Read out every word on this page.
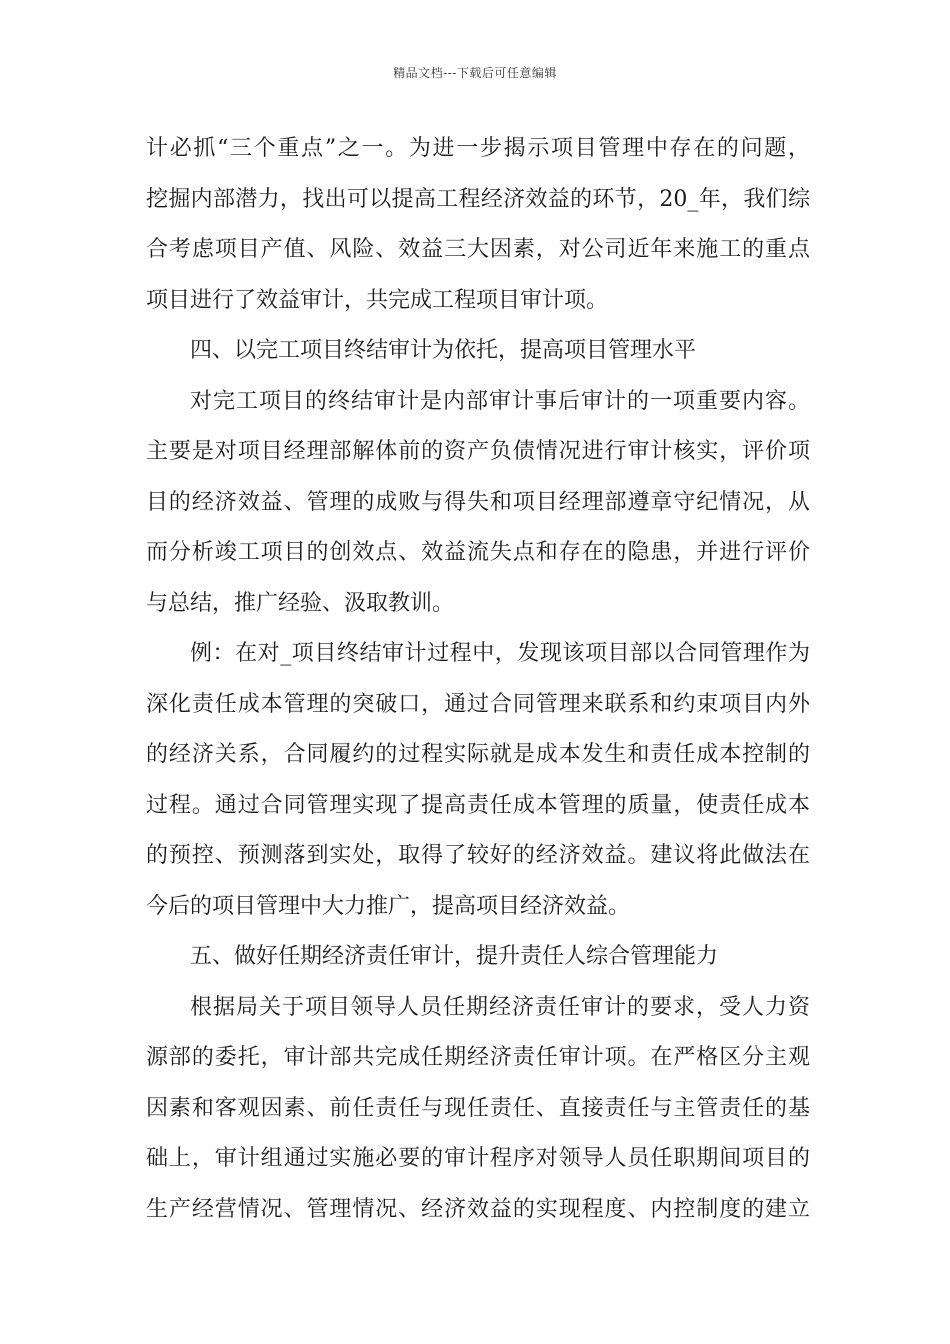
精品文档---下载后可任意编辑
计必抓“三个重点”之一。为进一步揭示项目管理中存在的问题，
挖掘内部潜力，找出可以提高工程经济效益的环节，20_年，我们综
合考虑项目产值、风险、效益三大因素，对公司近年来施工的重点
项目进行了效益审计，共完成工程项目审计项。
四、以完工项目终结审计为依托，提高项目管理水平
对完工项目的终结审计是内部审计事后审计的一项重要内容。
主要是对项目经理部解体前的资产负债情况进行审计核实，评价项
目的经济效益、管理的成败与得失和项目经理部遵章守纪情况，从
而分析竣工项目的创效点、效益流失点和存在的隐患，并进行评价
与总结，推广经验、汲取教训。
例：在对_项目终结审计过程中，发现该项目部以合同管理作为
深化责任成本管理的突破口，通过合同管理来联系和约束项目内外
的经济关系，合同履约的过程实际就是成本发生和责任成本控制的
过程。通过合同管理实现了提高责任成本管理的质量，使责任成本
的预控、预测落到实处，取得了较好的经济效益。建议将此做法在
今后的项目管理中大力推广，提高项目经济效益。
五、做好任期经济责任审计，提升责任人综合管理能力
根据局关于项目领导人员任期经济责任审计的要求，受人力资
源部的委托，审计部共完成任期经济责任审计项。在严格区分主观
因素和客观因素、前任责任与现任责任、直接责任与主管责任的基
础上，审计组通过实施必要的审计程序对领导人员任职期间项目的
生产经营情况、管理情况、经济效益的实现程度、内控制度的建立
